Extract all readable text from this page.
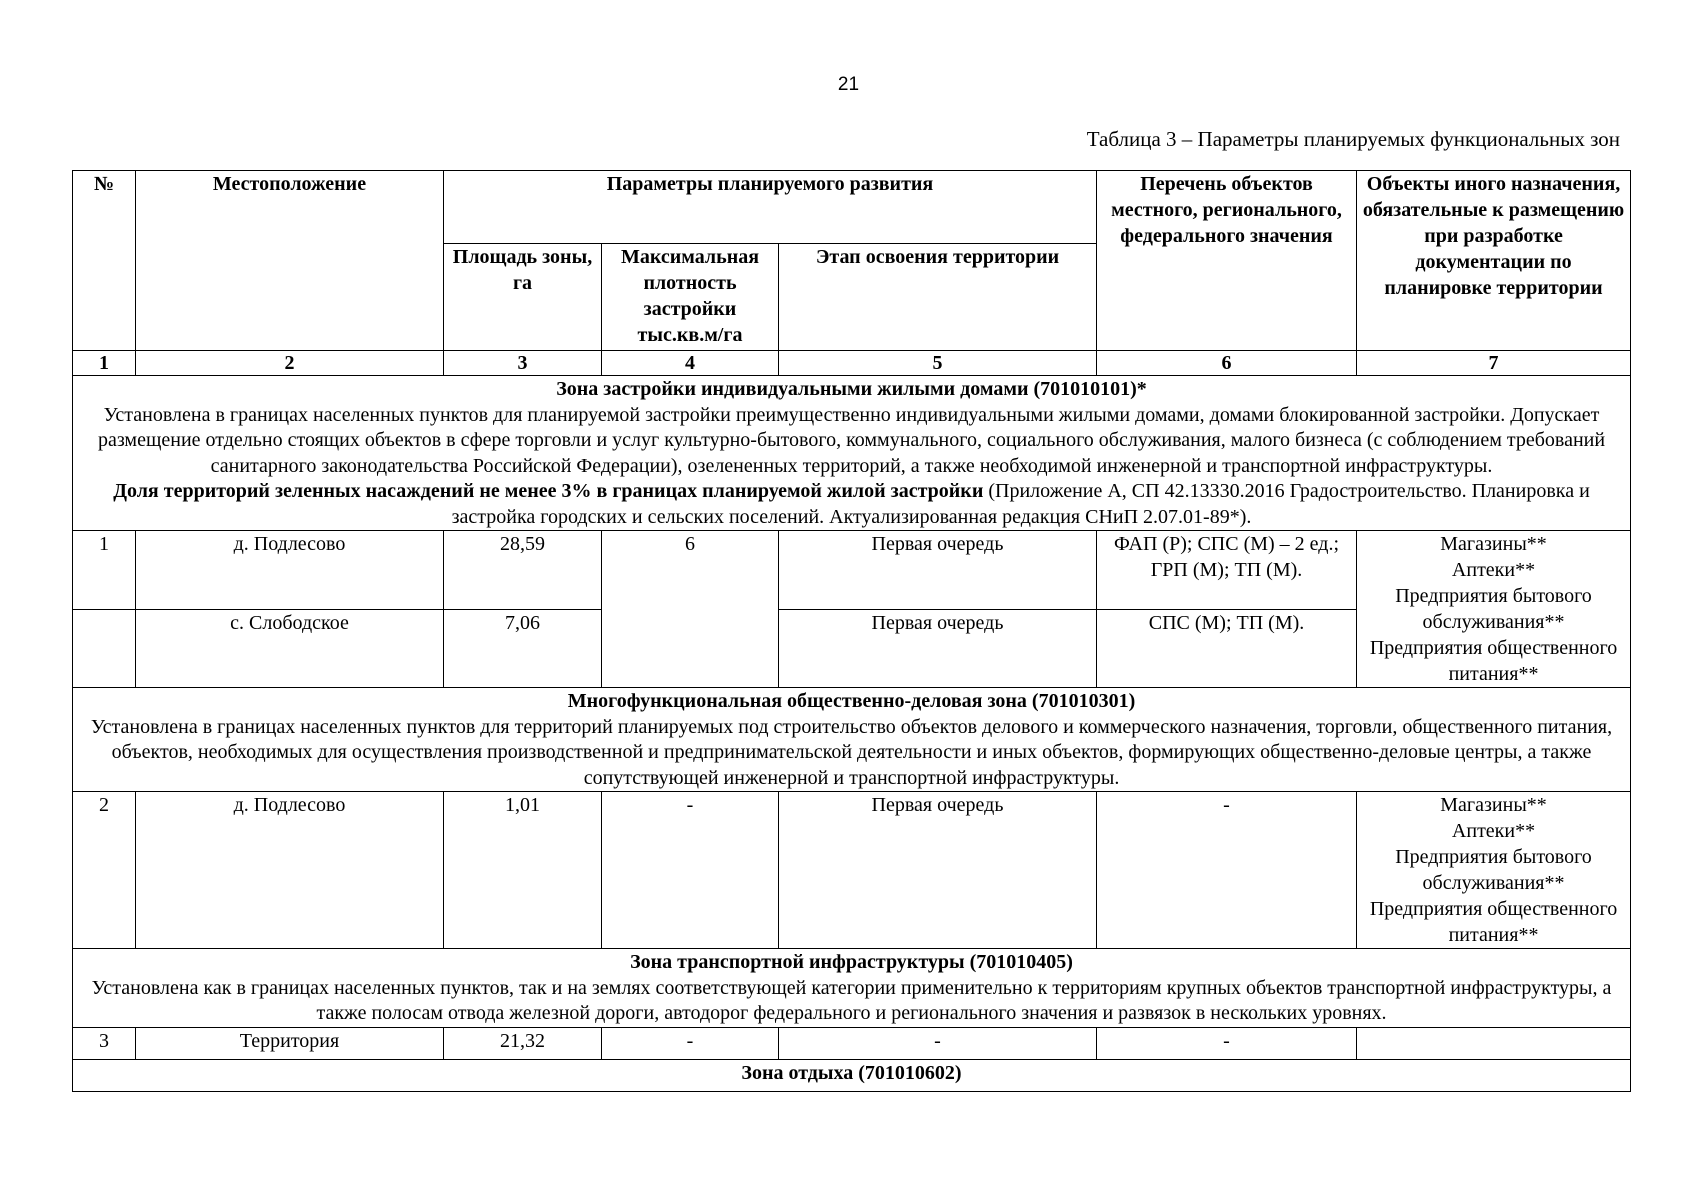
21
Таблица 3 – Параметры планируемых функциональных зон
№	Местоположение	Параметры планируемого развития			Перечень объектов местного, регионального, федерального значения	Объекты иного назначения, обязательные к размещению при разработке документации по планировке территории
		Площадь зоны, га	Максимальная плотность застройки тыс.кв.м/га	Этап освоения территории		
1	2	3	4	5	6	7

Зона застройки индивидуальными жилыми домами (701010101)*
Установлена в границах населенных пунктов для планируемой застройки преимущественно индивидуальными жилыми домами, домами блокированной застройки. Допускает размещение отдельно стоящих объектов в сфере торговли и услуг культурно-бытового, коммунального, социального обслуживания, малого бизнеса (с соблюдением требований санитарного законодательства Российской Федерации), озелененных территорий, а также необходимой инженерной и транспортной инфраструктуры.
Доля территорий зеленных насаждений не менее 3% в границах планируемой жилой застройки (Приложение А, СП 42.13330.2016 Градостроительство. Планировка и застройка городских и сельских поселений. Актуализированная редакция СНиП 2.07.01-89*).						

1	д. Подлесово	28,59	6	Первая очередь	ФАП (Р); СПС (М) – 2 ед.; ГРП (М); ТП (М).	Магазины**
Аптеки**
Предприятия бытового обслуживания**
Предприятия общественного питания**

	с. Слободское	7,06		Первая очередь	СПС (М); ТП (М).	

Многофункциональная общественно-деловая зона (701010301)
Установлена в границах населенных пунктов для территорий планируемых под строительство объектов делового и коммерческого назначения, торговли, общественного питания, объектов, необходимых для осуществления производственной и предпринимательской деятельности и иных объектов, формирующих общественно-деловые центры, а также сопутствующей инженерной и транспортной инфраструктуры.						

2	д. Подлесово	1,01	-	Первая очередь	-	Магазины**
Аптеки**
Предприятия бытового обслуживания**
Предприятия общественного питания**

Зона транспортной инфраструктуры (701010405)
Установлена как в границах населенных пунктов, так и на землях соответствующей категории применительно к территориям крупных объектов транспортной инфраструктуры, а также полосам отвода железной дороги, автодорог федерального и регионального значения и развязок в нескольких уровнях.						

3	Территория	21,32	-	-	-	

Зона отдыха (701010602)						
